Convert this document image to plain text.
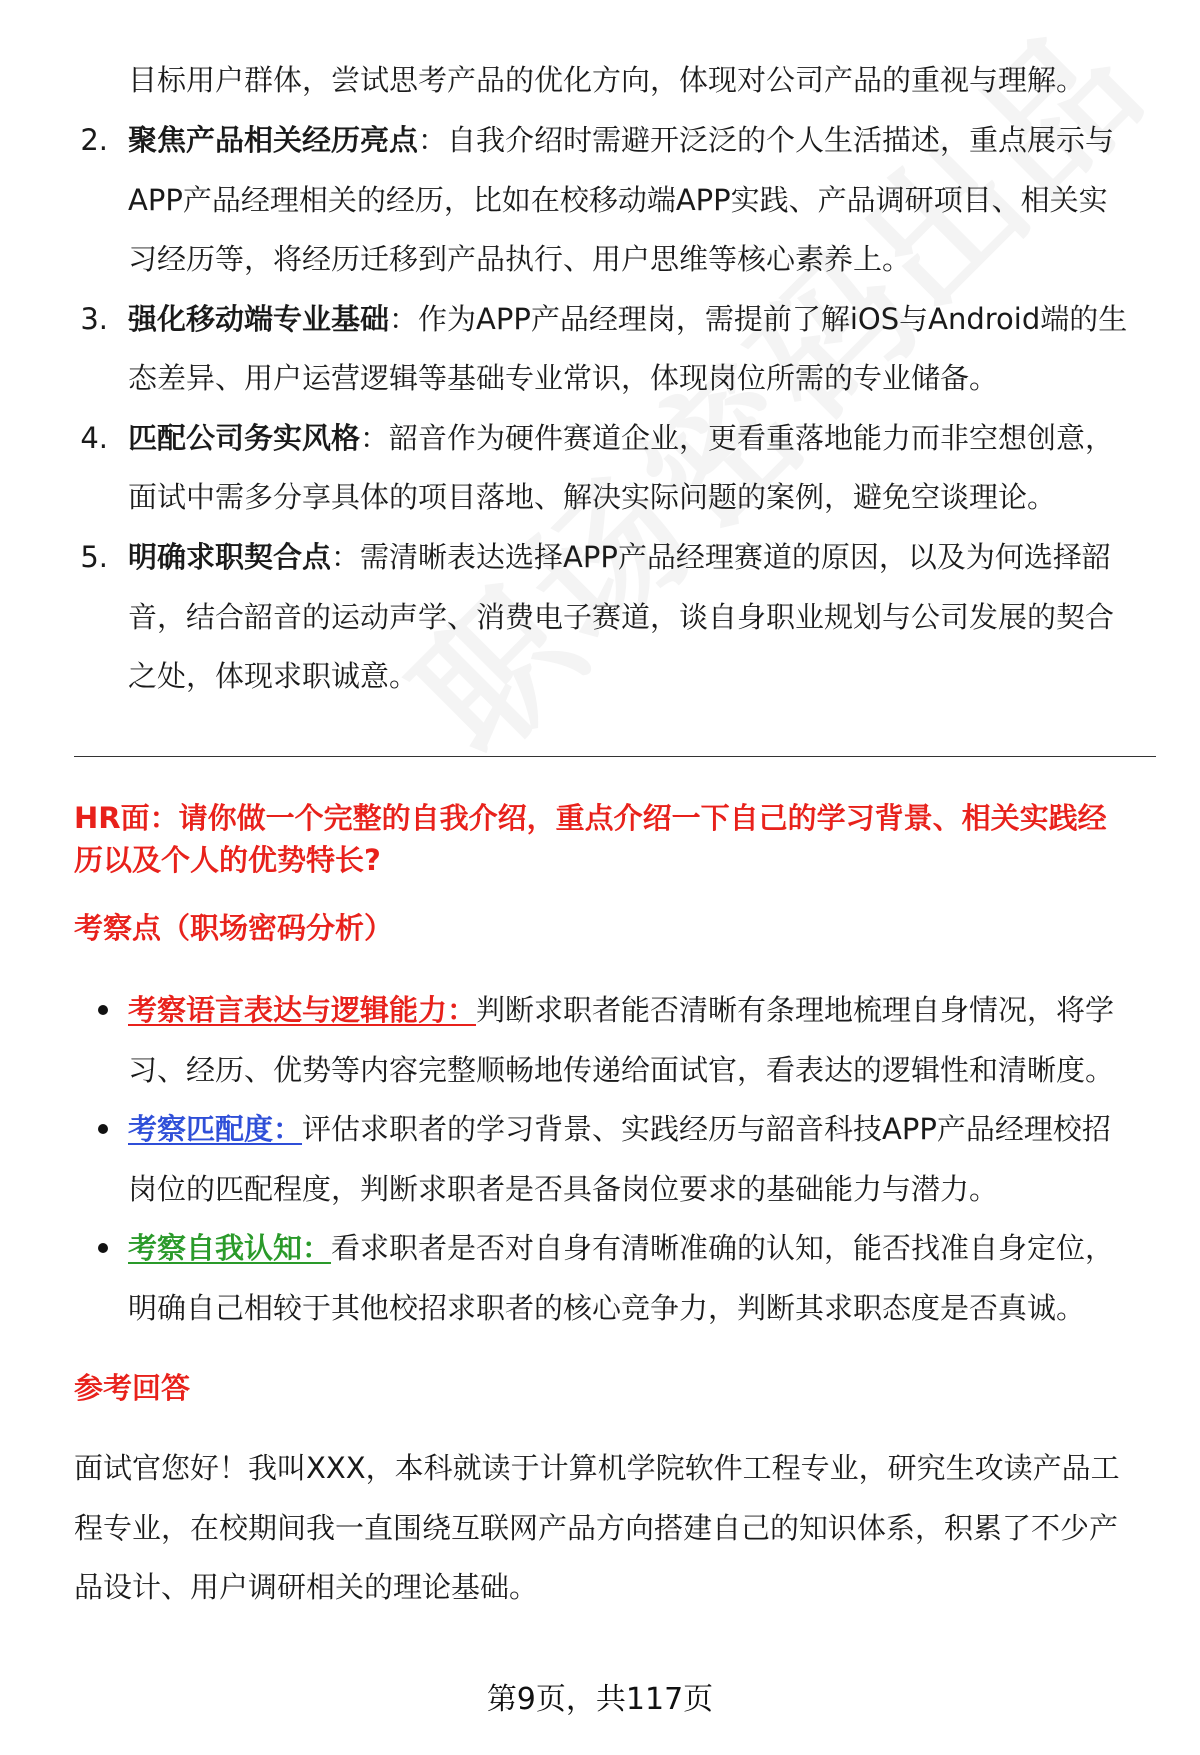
目标用户群体，尝试思考产品的优化方向，体现对公司产品的重视与理解。
2. 聚焦产品相关经历亮点：自我介绍时需避开泛泛的个人生活描述，重点展示与
APP产品经理相关的经历，比如在校移动端APP实践、产品调研项目、相关实
习经历等，将经历迁移到产品执行、用户思维等核心素养上。
3. 强化移动端专业基础：作为APP产品经理岗，需提前了解iOS与Android端的生
态差异、用户运营逻辑等基础专业常识，体现岗位所需的专业储备。
4. 匹配公司务实风格：韶音作为硬件赛道企业，更看重落地能力而非空想创意，
面试中需多分享具体的项目落地、解决实际问题的案例，避免空谈理论。
5. 明确求职契合点：需清晰表达选择APP产品经理赛道的原因，以及为何选择韶
音，结合韶音的运动声学、消费电子赛道，谈自身职业规划与公司发展的契合
之处，体现求职诚意。
HR面：请你做一个完整的自我介绍，重点介绍一下自己的学习背景、相关实践经
历以及个人的优势特长?
考察点（职场密码分析）
考察语言表达与逻辑能力：判断求职者能否清晰有条理地梳理自身情况，将学
习、经历、优势等内容完整顺畅地传递给面试官，看表达的逻辑性和清晰度。
考察匹配度：评估求职者的学习背景、实践经历与韶音科技APP产品经理校招
岗位的匹配程度，判断求职者是否具备岗位要求的基础能力与潜力。
考察自我认知：看求职者是否对自身有清晰准确的认知，能否找准自身定位，
明确自己相较于其他校招求职者的核心竞争力，判断其求职态度是否真诚。
参考回答
面试官您好！我叫XXX，本科就读于计算机学院软件工程专业，研究生攻读产品工
程专业，在校期间我一直围绕互联网产品方向搭建自己的知识体系，积累了不少产
品设计、用户调研相关的理论基础。
第9页，共117页
